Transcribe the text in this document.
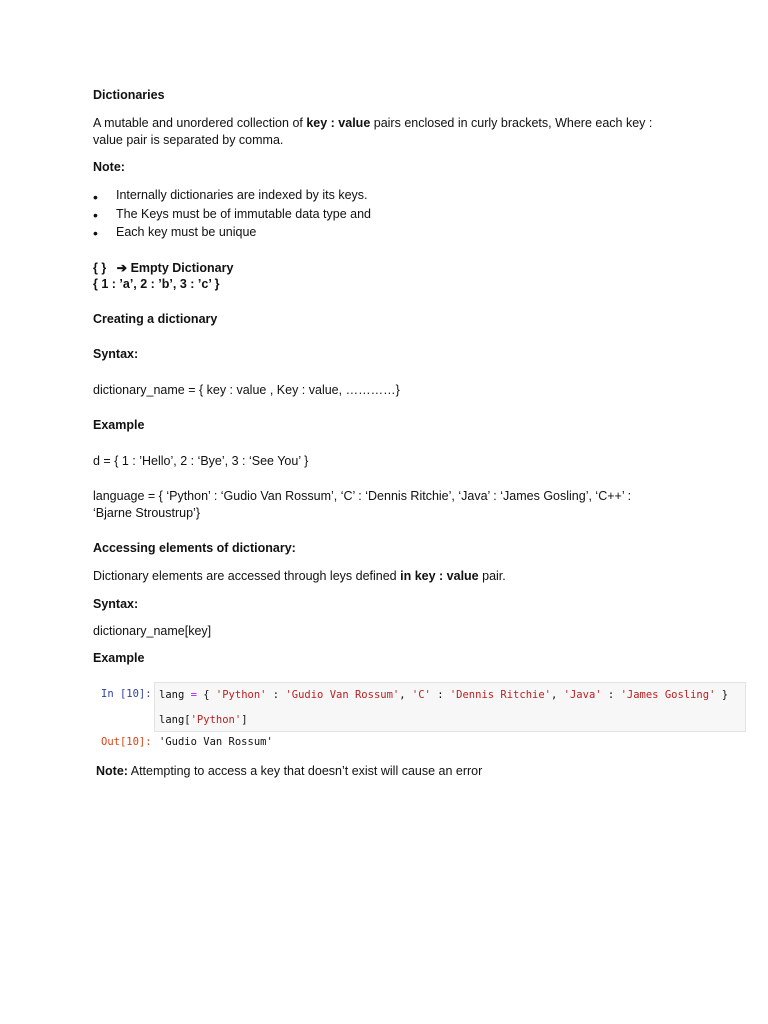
Dictionaries
A mutable and unordered collection of key : value pairs enclosed in curly brackets, Where each key :
value pair is separated by comma.
Note:
• Internally dictionaries are indexed by its keys.
• The Keys must be of immutable data type and
• Each key must be unique
{ } ➔ Empty Dictionary
{ 1 : ’a’, 2 : ’b’, 3 : ’c’ }
Creating a dictionary
Syntax:
dictionary_name = { key : value , Key : value, …………}
Example
d = { 1 : ’Hello’, 2 : ‘Bye’, 3 : ‘See You’ }
language = { ‘Python’ : ‘Gudio Van Rossum’, ‘C’ : ‘Dennis Ritchie’, ‘Java’ : ‘James Gosling’, ‘C++’ :
‘Bjarne Stroustrup’}
Accessing elements of dictionary:
Dictionary elements are accessed through leys defined in key : value pair.
Syntax:
dictionary_name[key]
Example
In [10]: lang = { 'Python' : 'Gudio Van Rossum', 'C' : 'Dennis Ritchie', 'Java' : 'James Gosling' }
lang['Python']
Out[10]: 'Gudio Van Rossum'
Note: Attempting to access a key that doesn’t exist will cause an error
